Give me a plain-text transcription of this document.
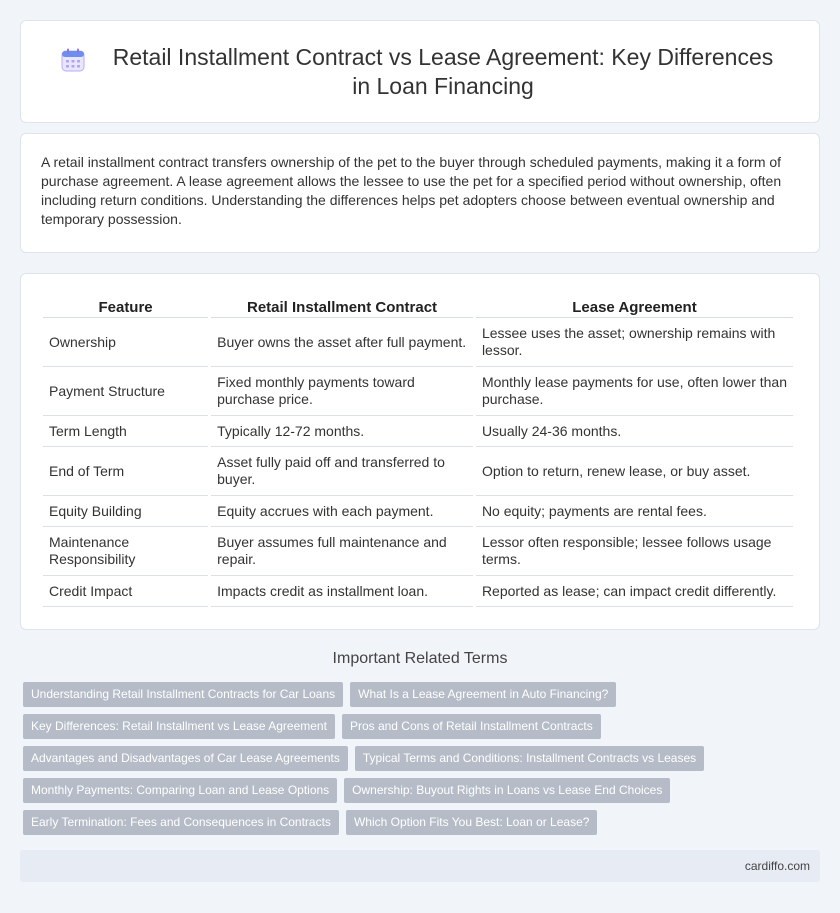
Retail Installment Contract vs Lease Agreement: Key Differences in Loan Financing

A retail installment contract transfers ownership of the pet to the buyer through scheduled payments, making it a form of purchase agreement. A lease agreement allows the lessee to use the pet for a specified period without ownership, often including return conditions. Understanding the differences helps pet adopters choose between eventual ownership and temporary possession.

Feature	Retail Installment Contract	Lease Agreement
Ownership	Buyer owns the asset after full payment.	Lessee uses the asset; ownership remains with lessor.
Payment Structure	Fixed monthly payments toward purchase price.	Monthly lease payments for use, often lower than purchase.
Term Length	Typically 12-72 months.	Usually 24-36 months.
End of Term	Asset fully paid off and transferred to buyer.	Option to return, renew lease, or buy asset.
Equity Building	Equity accrues with each payment.	No equity; payments are rental fees.
Maintenance Responsibility	Buyer assumes full maintenance and repair.	Lessor often responsible; lessee follows usage terms.
Credit Impact	Impacts credit as installment loan.	Reported as lease; can impact credit differently.
Important Related Terms
Understanding Retail Installment Contracts for Car Loans	What Is a Lease Agreement in Auto Financing?
Key Differences: Retail Installment vs Lease Agreement	Pros and Cons of Retail Installment Contracts
Advantages and Disadvantages of Car Lease Agreements	Typical Terms and Conditions: Installment Contracts vs Leases
Monthly Payments: Comparing Loan and Lease Options	Ownership: Buyout Rights in Loans vs Lease End Choices
Early Termination: Fees and Consequences in Contracts	Which Option Fits You Best: Loan or Lease?
cardiffo.com
